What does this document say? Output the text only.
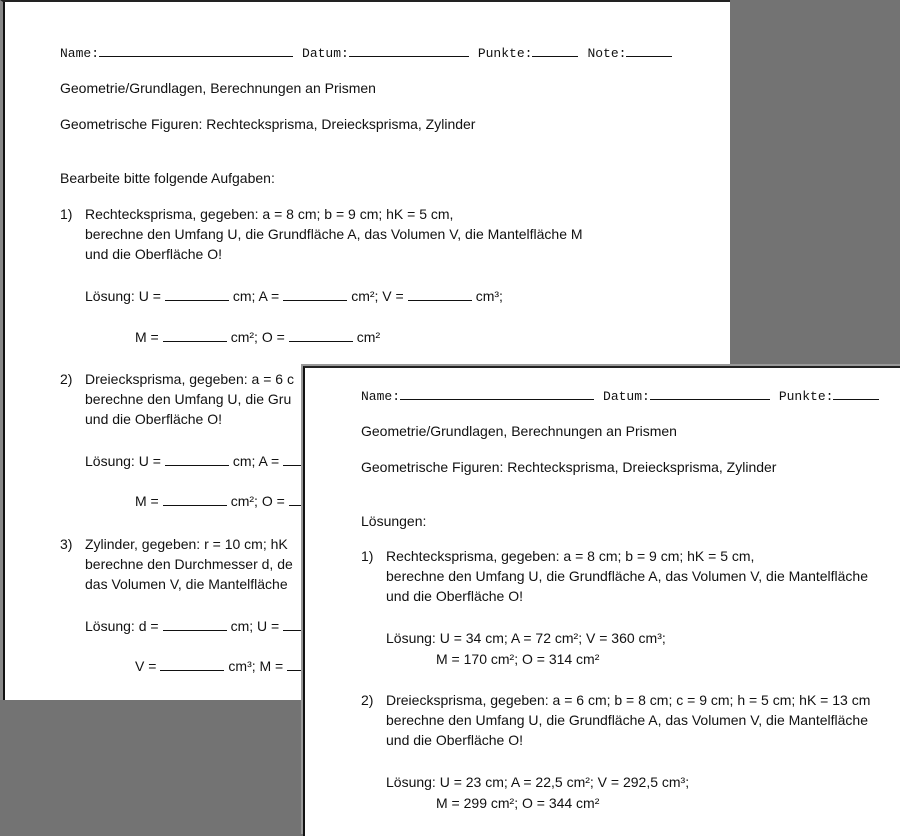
Name:	Datum:	Punkte:	Note:
Geometrie/Grundlagen, Berechnungen an Prismen
Geometrische Figuren: Rechtecksprisma, Dreiecksprisma, Zylinder
Bearbeite bitte folgende Aufgaben:
1) Rechtecksprisma, gegeben: a = 8 cm; b = 9 cm; hK = 5 cm,
berechne den Umfang U, die Grundfläche A, das Volumen V, die Mantelfläche M
und die Oberfläche O!
Lösung: U =	cm; A =	cm²; V =	cm³;
M =	cm²; O =	cm²
2) Dreiecksprisma, gegeben: a = 6 c
berechne den Umfang U, die Gru
und die Oberfläche O!
Lösung: U =	cm; A =
M =	cm²; O =
3) Zylinder, gegeben: r = 10 cm; hK
berechne den Durchmesser d, de
das Volumen V, die Mantelfläche
Lösung: d =	cm; U =
V =	cm³; M =
Name:	Datum:	Punkte:
Geometrie/Grundlagen, Berechnungen an Prismen
Geometrische Figuren: Rechtecksprisma, Dreiecksprisma, Zylinder
Lösungen:
1) Rechtecksprisma, gegeben: a = 8 cm; b = 9 cm; hK = 5 cm,
berechne den Umfang U, die Grundfläche A, das Volumen V, die Mantelfläche
und die Oberfläche O!
Lösung: U = 34 cm; A = 72 cm²; V = 360 cm³;
M = 170 cm²; O = 314 cm²
2) Dreiecksprisma, gegeben: a = 6 cm; b = 8 cm; c = 9 cm; h = 5 cm; hK = 13 cm
berechne den Umfang U, die Grundfläche A, das Volumen V, die Mantelfläche
und die Oberfläche O!
Lösung: U = 23 cm; A = 22,5 cm²; V = 292,5 cm³;
M = 299 cm²; O = 344 cm²
